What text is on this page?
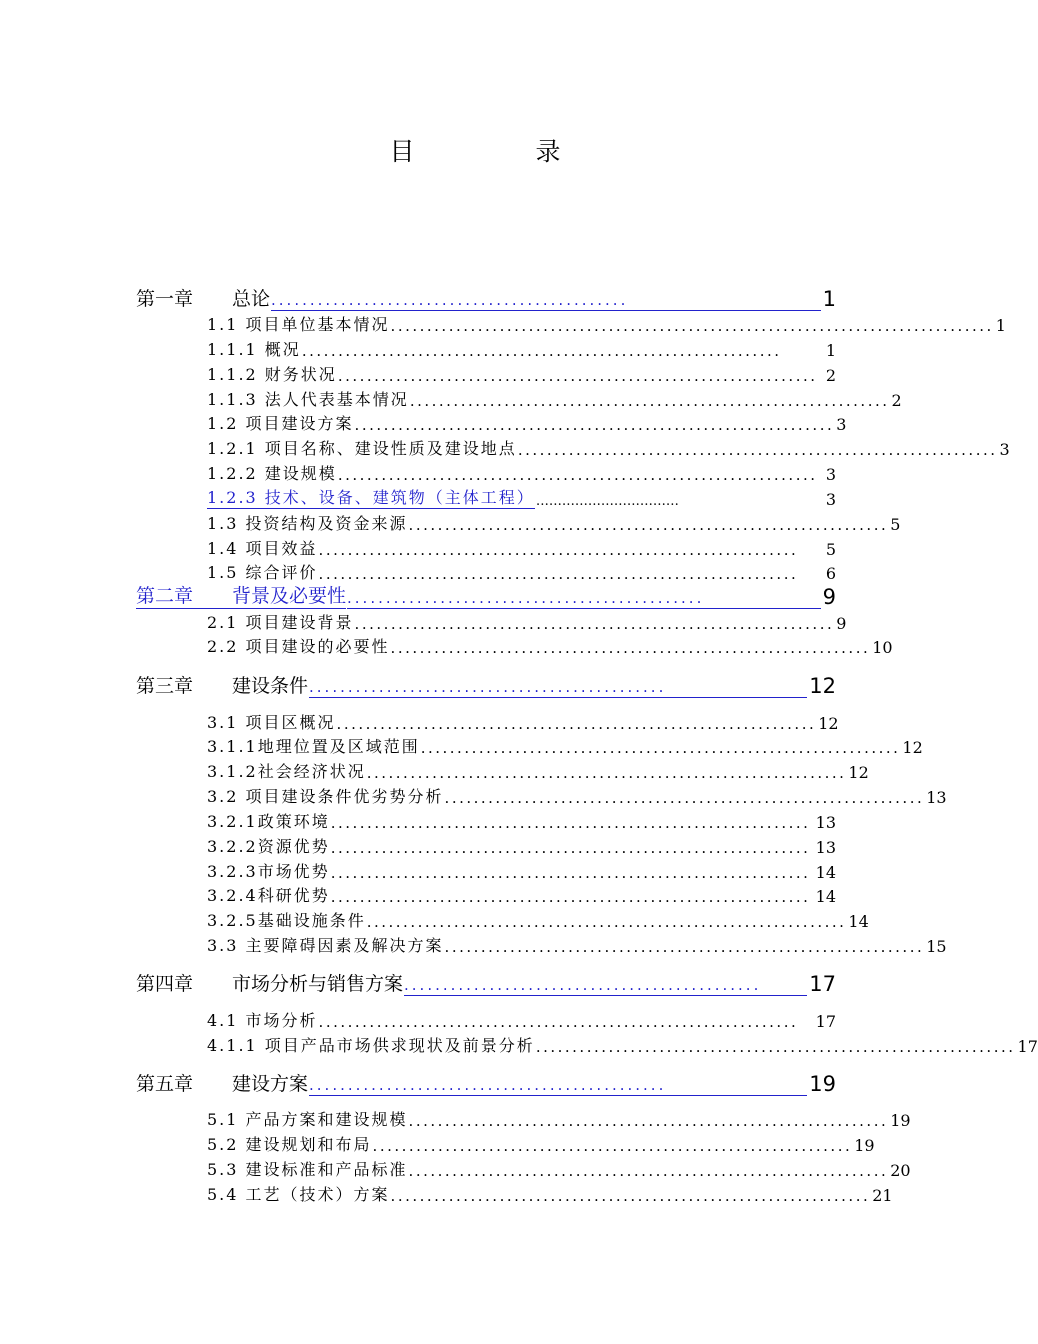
目　录
第一章 总论 ..............................................	1
1.1 项目单位基本情况 ................................................................................... 1
1.1.1 概况 ..................................................................	1
1.1.2 财务状况 .................................................................. 2
1.1.3 法人代表基本情况 .................................................................. 2
1.2 项目建设方案 .................................................................. 3
1.2.1 项目名称、建设性质及建设地点 .................................................................. 3
1.2.2 建设规模 .................................................................. 3
1.2.3 技术、设备、建筑物（主体工程） ……………………………	3
1.3 投资结构及资金来源 .................................................................. 5
1.4 项目效益 ..................................................................	5
1.5 综合评价 ..................................................................	6
第二章 背景及必要性 ..............................................	9
2.1 项目建设背景 .................................................................. 9
2.2 项目建设的必要性 .................................................................. 10
第三章 建设条件 ..............................................	12
3.1 项目区概况 .................................................................. 12
3.1.1地理位置及区域范围 .................................................................. 12
3.1.2社会经济状况 .................................................................. 12
3.2 项目建设条件优劣势分析 .................................................................. 13
3.2.1政策环境 .................................................................. 13
3.2.2资源优势 .................................................................. 13
3.2.3市场优势 .................................................................. 14
3.2.4科研优势 .................................................................. 14
3.2.5基础设施条件 .................................................................. 14
3.3 主要障碍因素及解决方案 .................................................................. 15
第四章 市场分析与销售方案 ..............................................	17
4.1 市场分析 ..................................................................	17
4.1.1 项目产品市场供求现状及前景分析 .................................................................. 17
第五章 建设方案 ..............................................	19
5.1 产品方案和建设规模 .................................................................. 19
5.2 建设规划和布局 .................................................................. 19
5.3 建设标准和产品标准 .................................................................. 20
5.4 工艺（技术）方案 .................................................................. 21
